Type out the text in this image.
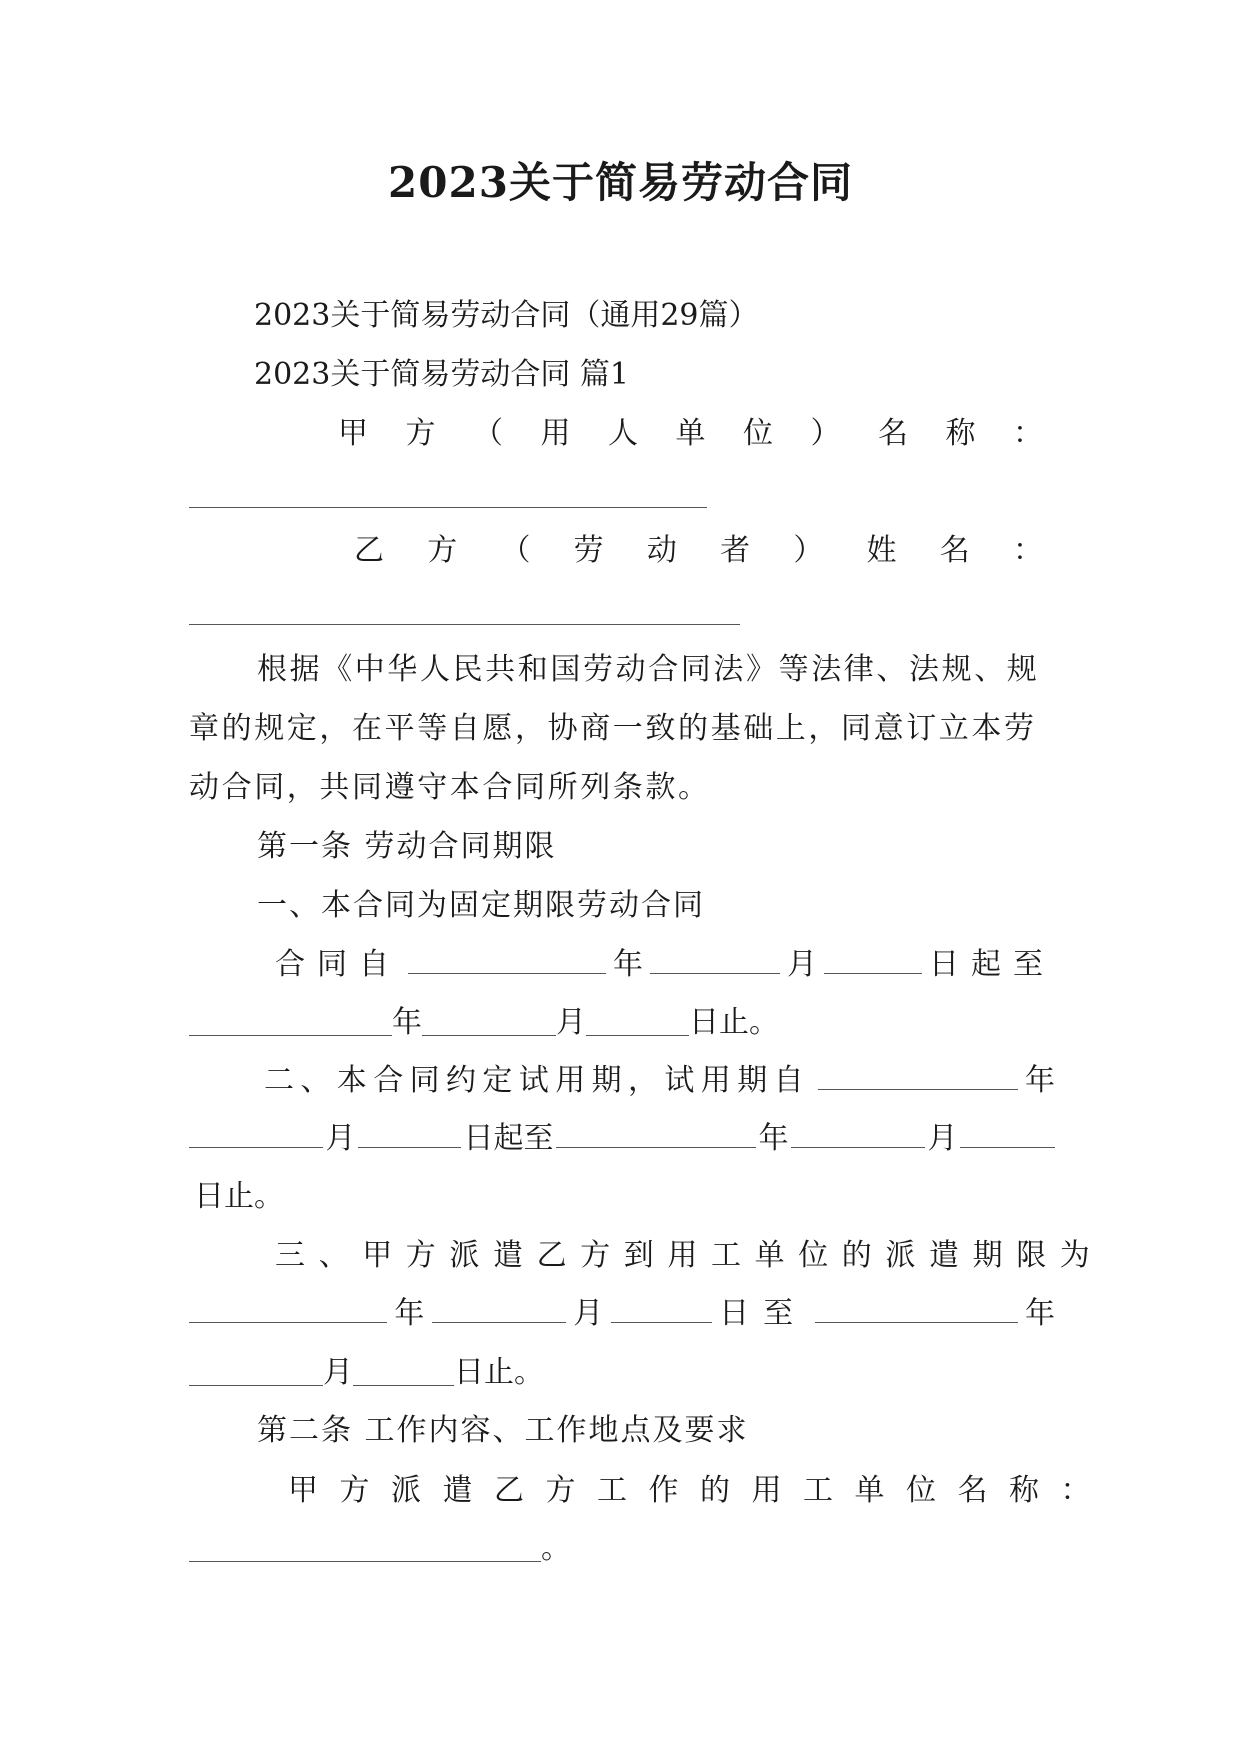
2023关于简易劳动合同
2023关于简易劳动合同（通用29篇）
2023关于简易劳动合同 篇1
甲 方 （ 用 人 单 位 ） 名 称 ：
乙 方 （ 劳 动 者 ） 姓 名 ：
根据《中华人民共和国劳动合同法》等法律、法规、规
章的规定，在平等自愿，协商一致的基础上，同意订立本劳
动合同，共同遵守本合同所列条款。
第一条 劳动合同期限
一、本合同为固定期限劳动合同
合同自	年	月	日起至
年	月	日止。
二、本合同约定试用期，试用期自	年
月	日起至	年	月
日止。
三、甲方派遣乙方到用工单位的派遣期限为
年	月	日至	年
月	日止。
第二条 工作内容、工作地点及要求
甲方派遣乙方工作的用工单位名称：
。
